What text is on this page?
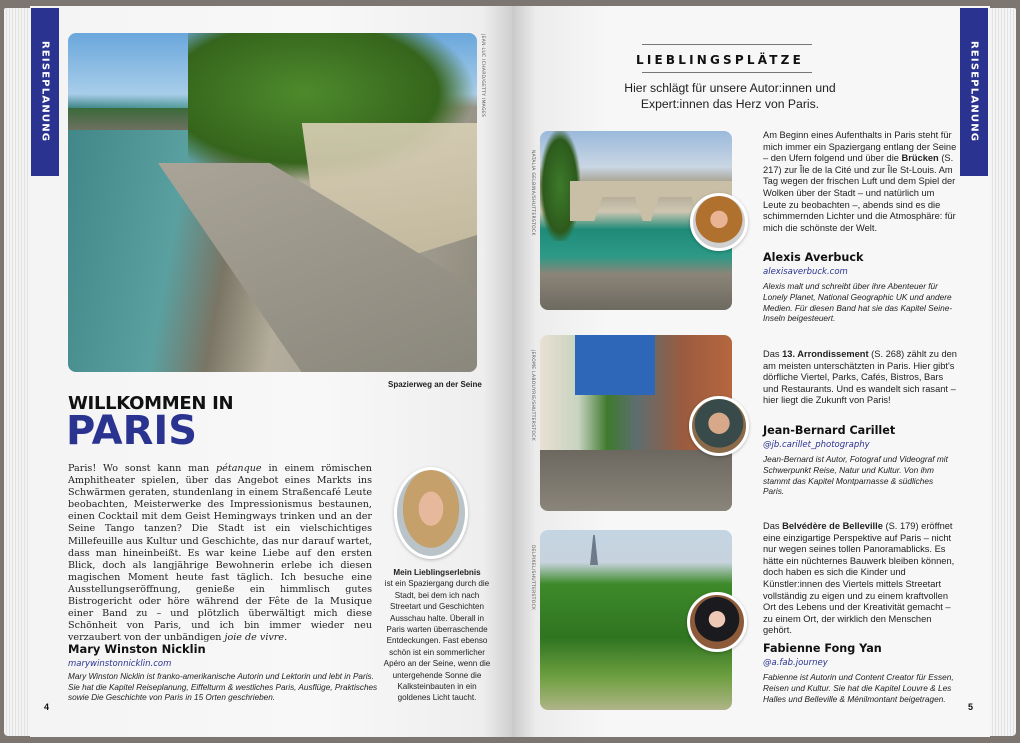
REISEPLANUNG	JEAN-LUC ICHARD/GETTY IMAGES
Spazierweg an der Seine
WILLKOMMEN IN
PARIS
Paris! Wo sonst kann man pétanque in einem römischen Amphitheater spielen, über das Angebot eines Markts ins Schwärmen geraten, stundenlang in einem Straßencafé Leute beobachten, Meisterwerke des Impressionismus bestaunen, einen Cocktail mit dem Geist Hemingways trinken und an der Seine Tango tanzen? Die Stadt ist ein vielschichtiges Millefeuille aus Kultur und Geschichte, das nur darauf wartet, dass man hineinbeißt. Es war keine Liebe auf den ersten Blick, doch als langjährige Bewohnerin erlebe ich diesen magischen Moment heute fast täglich. Ich besuche eine Ausstellungseröffnung, genieße ein himmlisch gutes Bistrogericht oder höre während der Fête de la Musique einer Band zu – und plötzlich überwältigt mich diese Schönheit von Paris, und ich bin immer wieder neu verzaubert von der unbändigen joie de vivre.
Mein Lieblingserlebnis
ist ein Spaziergang durch die Stadt, bei dem ich nach Streetart und Geschichten Ausschau halte. Überall in Paris warten überraschende Entdeckungen. Fast ebenso schön ist ein sommerlicher Apéro an der Seine, wenn die untergehende Sonne die Kalksteinbauten in ein goldenes Licht taucht.
Mary Winston Nicklin
marywinstonnicklin.com
Mary Winston Nicklin ist franko-amerikanische Autorin und Lektorin und lebt in Paris. Sie hat die Kapitel Reiseplanung, Eiffelturm & westliches Paris, Ausflüge, Praktisches sowie Die Geschichte von Paris in 15 Orten geschrieben.
4
REISEPLANUNG
LIEBLINGSPLÄTZE
Hier schlägt für unsere Autor:innen und Expert:innen das Herz von Paris.
NATALIA GELBINA/SHUTTERSTOCK
Am Beginn eines Aufenthalts in Paris steht für mich immer ein Spaziergang entlang der Seine – den Ufern folgend und über die Brücken (S. 217) zur Île de la Cité und zur Île St-Louis. Am Tag wegen der frischen Luft und dem Spiel der Wolken über der Stadt – und natürlich um Leute zu beobachten –, abends sind es die schimmernden Lichter und die Atmosphäre: für mich die schönste der Welt.
Alexis Averbuck
alexisaverbuck.com
Alexis malt und schreibt über ihre Abenteuer für Lonely Planet, National Geographic UK und andere Medien. Für diesen Band hat sie das Kapitel Seine-Inseln beigesteuert.
JEROME LABOUYRIE/SHUTTERSTOCK	Das 13. Arrondissement (S. 268) zählt zu den am meisten unterschätzten in Paris. Hier gibt's dörfliche Viertel, Parks, Cafés, Bistros, Bars und Restaurants. Und es wandelt sich rasant – hier liegt die Zukunft von Paris!
Jean-Bernard Carillet
@jb.carillet_photography
Jean-Bernard ist Autor, Fotograf und Videograf mit Schwerpunkt Reise, Natur und Kultur. Von ihm stammt das Kapitel Montparnasse & südliches Paris.
DELPIXEL/SHUTTERSTOCK
Das Belvédère de Belleville (S. 179) eröffnet eine einzigartige Perspektive auf Paris – nicht nur wegen seines tollen Panoramablicks. Es hätte ein nüchternes Bauwerk bleiben können, doch haben es sich die Kinder und Künstler:innen des Viertels mittels Streetart vollständig zu eigen und zu einem kraftvollen Ort des Lebens und der Kreativität gemacht – zu einem Ort, der wirklich den Menschen gehört.
Fabienne Fong Yan
@a.fab.journey
Fabienne ist Autorin und Content Creator für Essen, Reisen und Kultur. Sie hat die Kapitel Louvre & Les Halles und Belleville & Ménilmontant beigetragen.
5
